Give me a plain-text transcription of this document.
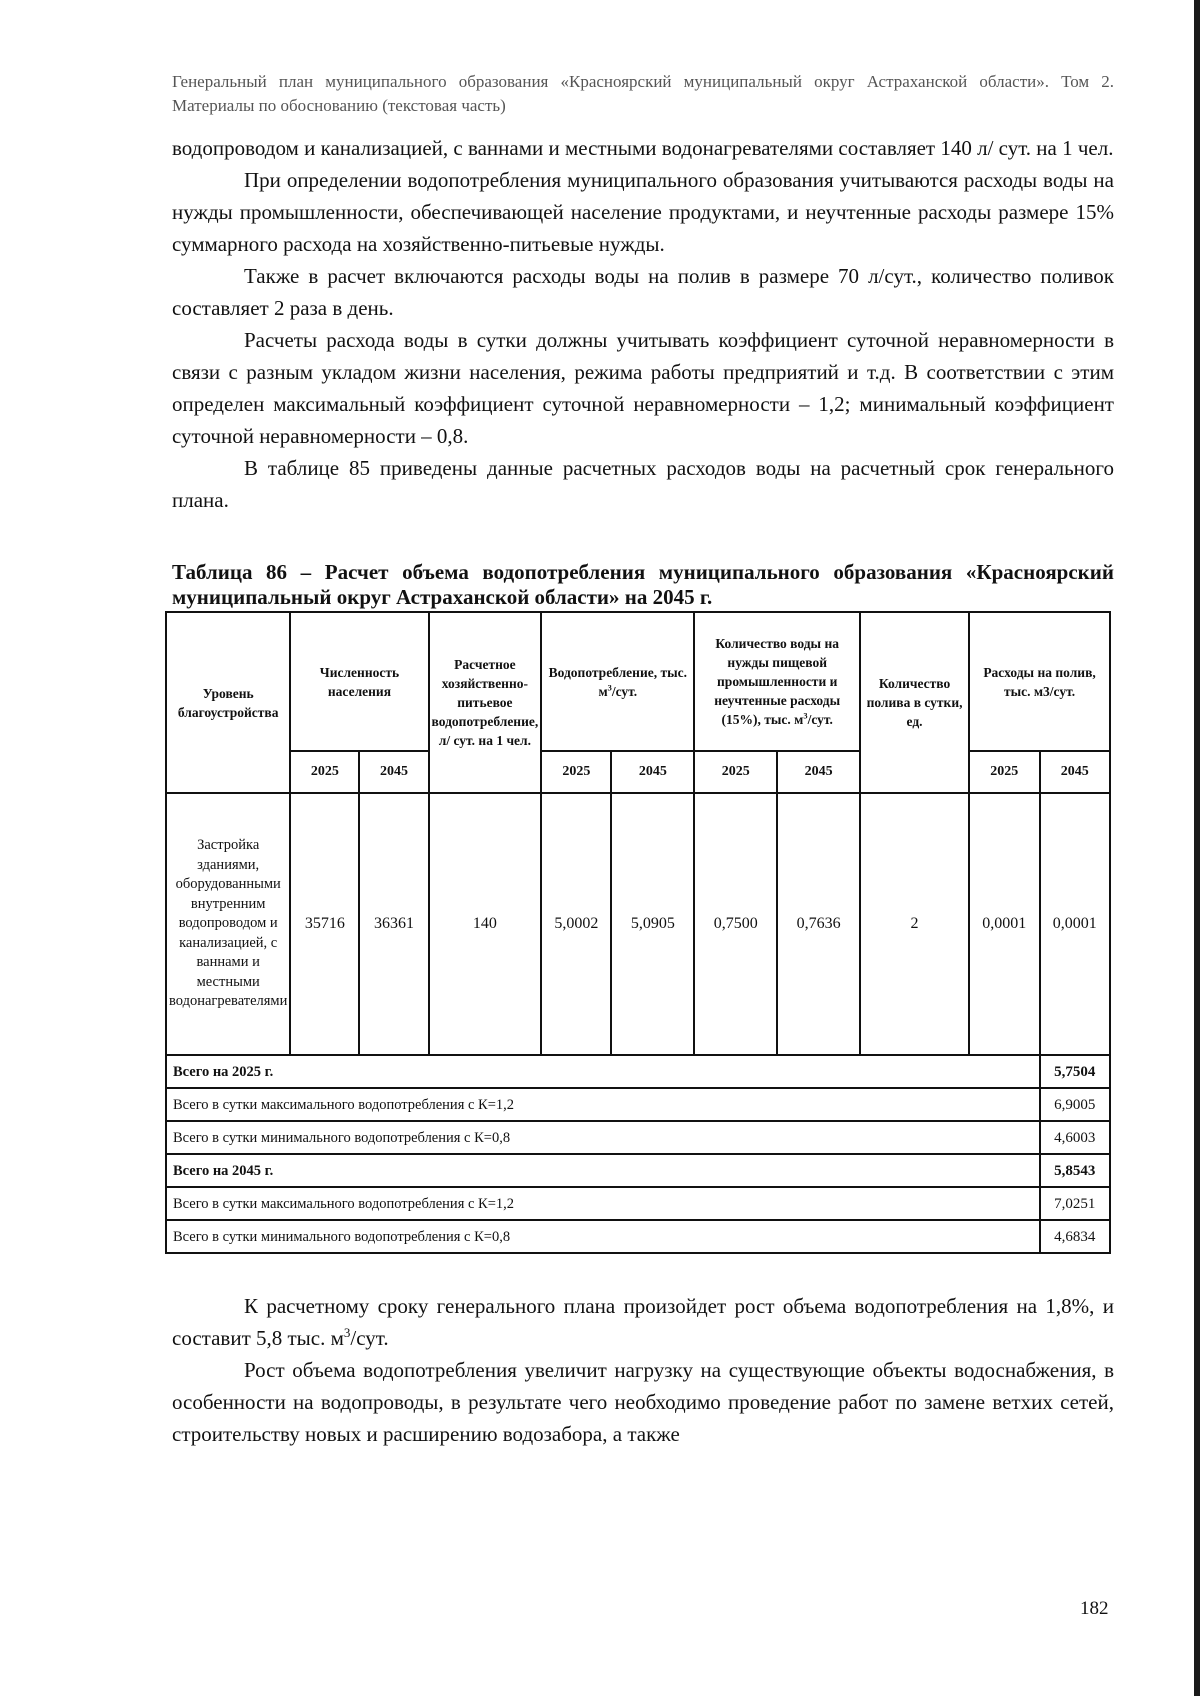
Генеральный план муниципального образования «Красноярский муниципальный округ Астраханской области». Том 2. Материалы по обоснованию (текстовая часть)

водопроводом и канализацией, с ваннами и местными водонагревателями составляет 140 л/ сут. на 1 чел.

При определении водопотребления муниципального образования учитываются расходы воды на нужды промышленности, обеспечивающей население продуктами, и неучтенные расходы размере 15% суммарного расхода на хозяйственно-питьевые нужды.

Также в расчет включаются расходы воды на полив в размере 70 л/сут., количество поливок составляет 2 раза в день.

Расчеты расхода воды в сутки должны учитывать коэффициент суточной неравномерности в связи с разным укладом жизни населения, режима работы предприятий и т.д. В соответствии с этим определен максимальный коэффициент суточной неравномерности – 1,2; минимальный коэффициент суточной неравномерности – 0,8.

В таблице 85 приведены данные расчетных расходов воды на расчетный срок генерального плана.

Таблица 86 – Расчет объема водопотребления муниципального образования «Красноярский муниципальный округ Астраханской области» на 2045 г.

Уровень благоустройства	Численность населения		Расчетное хозяйственно-питьевое водопотребление, л/ сут. на 1 чел.	Водопотребление, тыс. $м^3$/сут.		Количество воды на нужды пищевой промышленности и неучтенные расходы (15%), тыс. $м^3$/сут.		Количество полива в сутки, ед.	Расходы на полив, тыс. м3/сут.	
	2025	2045		2025	2045	2025	2045		2025	2045
Застройка зданиями, оборудованными внутренним водопроводом и канализацией, с ваннами и местными водонагревателями	35716	36361	140	5,0002	5,0905	0,7500	0,7636	2	0,0001	0,0001
Всего на 2025 г.										5,7504
Всего в сутки максимального водопотребления с К=1,2										6,9005
Всего в сутки минимального водопотребления с К=0,8										4,6003
Всего на 2045 г.										5,8543
Всего в сутки максимального водопотребления с К=1,2										7,0251
Всего в сутки минимального водопотребления с К=0,8										4,6834

К расчетному сроку генерального плана произойдет рост объема водопотребления на 1,8%, и составит 5,8 тыс. $м^3$/сут.

Рост объема водопотребления увеличит нагрузку на существующие объекты водоснабжения, в особенности на водопроводы, в результате чего необходимо проведение работ по замене ветхих сетей, строительству новых и расширению водозабора, а также

182
